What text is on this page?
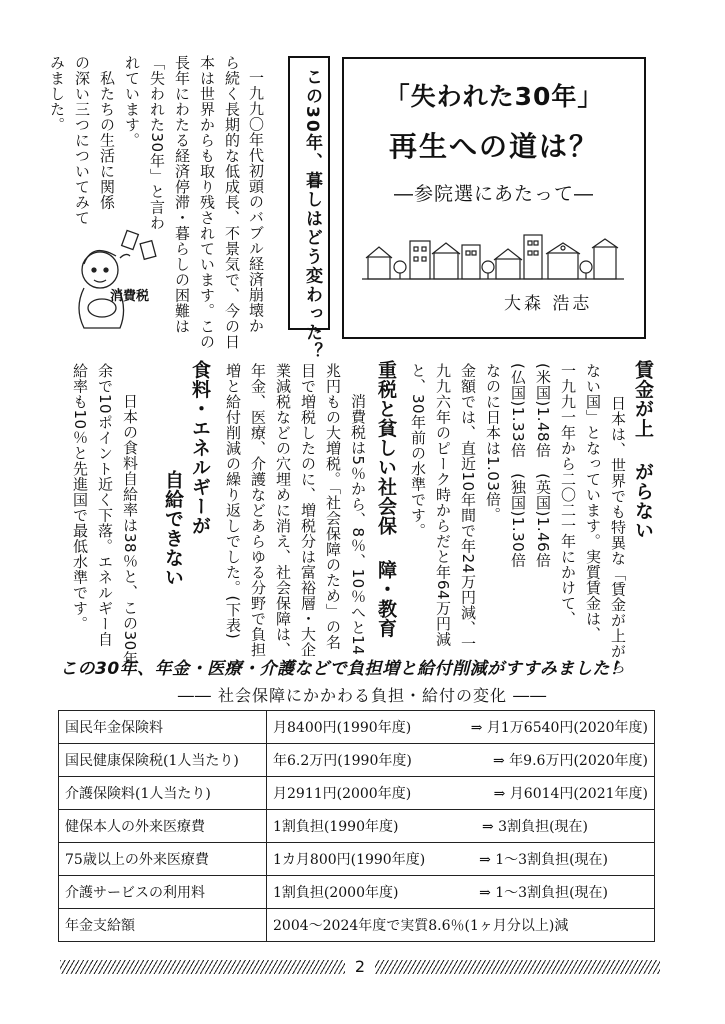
「失われた30年」
再生への道は？
―参院選にあたって―
大森 浩志
この30年、暮しはどう変わった？
一九九〇年代初頭のバブル経済崩壊か
ら続く長期的な低成長、不景気で、今の日
本は世界からも取り残されています。この
長年にわたる経済停滞・暮らしの困難は
「失われた30年」と言わ
れています。
　私たちの生活に関係
の深い三つについてみて
みました。
消費税
賃金が上
がらない
　日本は、世界でも特異な「賃金が上がら
ない国」となっています。実質賃金は、
一九九一年から二〇二一年にかけて、
(米国)1.48倍　(英国)1.46倍
(仏国)1.33倍　(独国)1.30倍
なのに日本は1.03倍。
金額では、直近10年間で年24万円減、一
九九六年のピーク時からだと年64万円減
と、30年前の水準です。
重税と貧しい社会保
障・教育
　消費税は5％から、8％、10％へと14
兆円もの大増税。「社会保障のため」の名
目で増税したのに、増税分は富裕層・大企
業減税などの穴埋めに消え、社会保障は、
年金、医療、介護などあらゆる分野で負担
増と給付削減の繰り返しでした。(下表)
食料・エネルギーが
自給できない
　日本の食料自給率は38％と、この30年
余で10ポイント近く下落。エネルギー自
給率も10％と先進国で最低水準です。
この30年、年金・医療・介護などで負担増と給付削減がすすみました！
―― 社会保障にかかわる負担・給付の変化 ――
国民年金保険料	月8400円(1990年度) ⇒ 月1万6540円(2020年度)

国民健康保険税(1人当たり)	年6.2万円(1990年度) ⇒ 年9.6万円(2020年度)

介護保険料(1人当たり)	月2911円(2000年度) ⇒ 月6014円(2021年度)

健保本人の外来医療費	1割負担(1990年度) ⇒ 3割負担(現在)

75歳以上の外来医療費	1カ月800円(1990年度) ⇒ 1〜3割負担(現在)

介護サービスの利用料	1割負担(2000年度) ⇒ 1〜3割負担(現在)

年金支給額	2004〜2024年度で実質8.6％(1ヶ月分以上)減
2
